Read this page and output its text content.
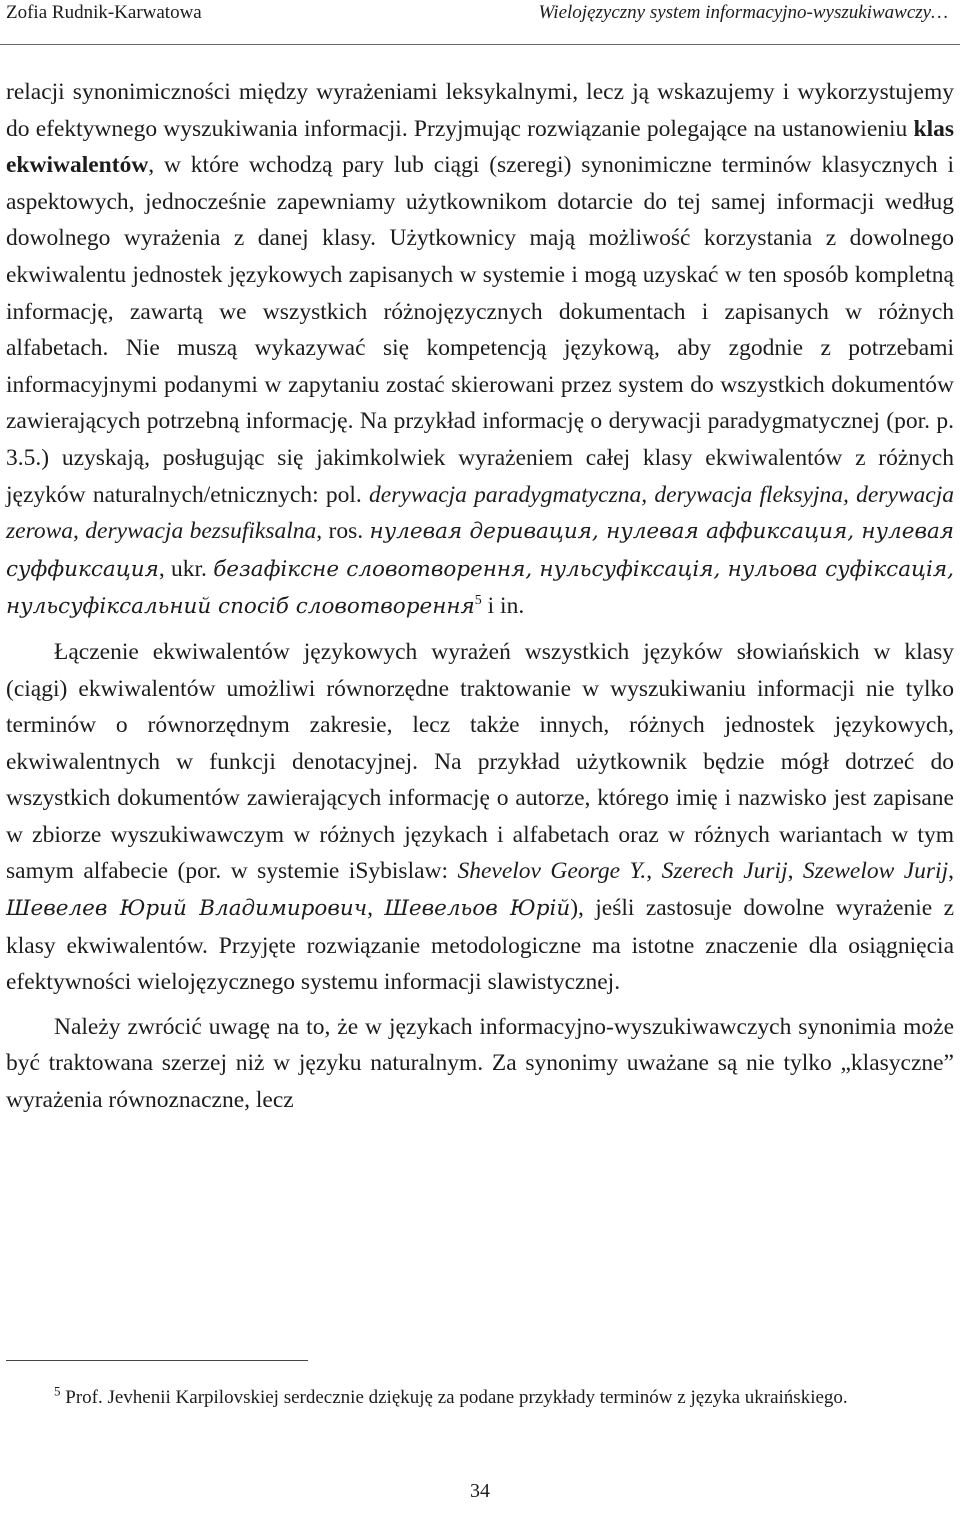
Zofia Rudnik-Karwatowa	Wielojęzyczny system informacyjno-wyszukiwawczy…

relacji synonimiczności między wyrażeniami leksykalnymi, lecz ją wskazujemy i wykorzystujemy do efektywnego wyszukiwania informacji. Przyjmując rozwiązanie polegające na ustanowieniu klas ekwiwalentów, w które wchodzą pary lub ciągi (szeregi) synonimiczne terminów klasycznych i aspektowych, jednocześnie zapewniamy użytkownikom dotarcie do tej samej informacji według dowolnego wyrażenia z danej klasy. Użytkownicy mają możliwość korzystania z dowolnego ekwiwalentu jednostek językowych zapisanych w systemie i mogą uzyskać w ten sposób kompletną informację, zawartą we wszystkich różnojęzycznych dokumentach i zapisanych w różnych alfabetach. Nie muszą wykazywać się kompetencją językową, aby zgodnie z potrzebami informacyjnymi podanymi w zapytaniu zostać skierowani przez system do wszystkich dokumentów zawierających potrzebną informację. Na przykład informację o derywacji paradygmatycznej (por. p. 3.5.) uzyskają, posługując się jakimkolwiek wyrażeniem całej klasy ekwiwalentów z różnych języków naturalnych/etnicznych: pol. derywacja paradygmatyczna, derywacja fleksyjna, derywacja zerowa, derywacja bezsufiksalna, ros. нулевая деривация, нулевая аффиксация, нулевая суффиксация, ukr. безафіксне словотворення, нульсуфіксація, нульова суфіксація, нульсуфіксальний спосіб словотворення$^5$ i in.

Łączenie ekwiwalentów językowych wyrażeń wszystkich języków słowiańskich w klasy (ciągi) ekwiwalentów umożliwi równorzędne traktowanie w wyszukiwaniu informacji nie tylko terminów o równorzędnym zakresie, lecz także innych, różnych jednostek językowych, ekwiwalentnych w funkcji denotacyjnej. Na przykład użytkownik będzie mógł dotrzeć do wszystkich dokumentów zawierających informację o autorze, którego imię i nazwisko jest zapisane w zbiorze wyszukiwawczym w różnych językach i alfabetach oraz w różnych wariantach w tym samym alfabecie (por. w systemie iSybislaw: Shevelov George Y., Szerech Jurij, Szewelow Jurij, Шевелев Юрий Владимирович, Шевельов Юрій), jeśli zastosuje dowolne wyrażenie z klasy ekwiwalentów. Przyjęte rozwiązanie metodologiczne ma istotne znaczenie dla osiągnięcia efektywności wielojęzycznego systemu informacji slawistycznej.

Należy zwrócić uwagę na to, że w językach informacyjno-wyszukiwawczych synonimia może być traktowana szerzej niż w języku naturalnym. Za synonimy uważane są nie tylko „klasyczne” wyrażenia równoznaczne, lecz

$^5$ Prof. Jevhenii Karpilovskiej serdecznie dziękuję za podane przykłady terminów z języka ukraińskiego.

34
